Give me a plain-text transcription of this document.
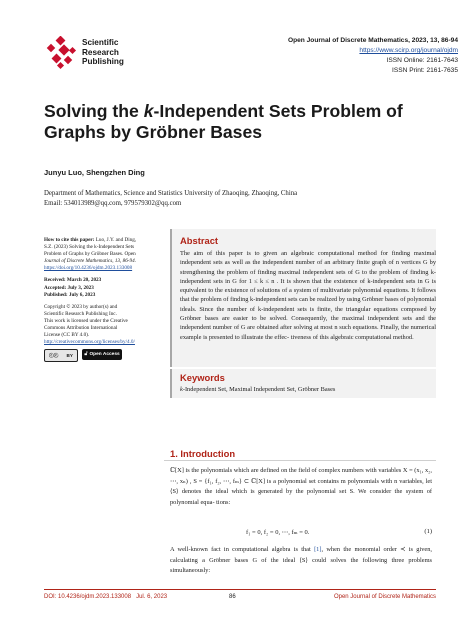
Scientific
Research
Publishing
Open Journal of Discrete Mathematics, 2023, 13, 86-94
https://www.scirp.org/journal/ojdm
ISSN Online: 2161-7643
ISSN Print: 2161-7635
Solving the k-Independent Sets Problem of
Graphs by Gröbner Bases
Junyu Luo, Shengzhen Ding
Department of Mathematics, Science and Statistics University of Zhaoqing, Zhaoqing, China
Email: 534013989@qq.com, 979579302@qq.com
How to cite this paper: Luo, J.Y. and Ding,
S.Z. (2023) Solving the k-Independent Sets
Problem of Graphs by Gröbner Bases. Open
Journal of Discrete Mathematics, 13, 86-94.
https://doi.org/10.4236/ojdm.2023.133008
Received: March 20, 2023
Accepted: July 3, 2023
Published: July 6, 2023
Copyright © 2023 by author(s) and
Scientific Research Publishing Inc.
This work is licensed under the Creative
Commons Attribution International
License (CC BY 4.0).
http://creativecommons.org/licenses/by/4.0/
ⓒⓒ BY 🔓︎ Open Access
Abstract
The aim of this paper is to given an algebraic computational method for finding maximal independent sets as well as the independent number of an arbitrary finite graph of n vertices G by strengthening the problem of finding maximal independent sets of G to the problem of finding k-independent sets in G for 1 ≤ k ≤ n . It is shown that the existence of k-independent sets in G is equivalent to the existence of solutions of a system of multivariate polynomial equations. It follows that the problem of finding k-independent sets can be realized by using Gröbner bases of polynomial ideals. Since the number of k-independent sets is finite, the triangular equations composed by Gröbner bases are easier to be solved. Consequently, the maximal independent sets and the independent number of G are obtained after solving at most n such equations. Finally, the numerical example is presented to illustrate the effec- tiveness of this algebraic computational method.
Keywords
k-Independent Set, Maximal Independent Set, Gröbner Bases
1. Introduction
ℂ[X] is the polynomials which are defined on the field of complex numbers with variables X = (x₁, x₂, ⋯, xₙ) , S = {f₁, f₂, ⋯, fₘ} ⊂ ℂ[X] is a polynomial set contains m polynomials with n variables, let ⟨S⟩ denotes the ideal which is generated by the polynomial set S. We consider the system of polynomial equa- tions:
f₁ = 0, f₂ = 0, ⋯, fₘ = 0.	(1)
A well-known fact in computational algebra is that [1], when the monomial order ≺ is given, calculating a Gröbner bases G of the ideal ⟨S⟩ could solves the following three problems simultaneously:
DOI: 10.4236/ojdm.2023.133008 Jul. 6, 2023	86	Open Journal of Discrete Mathematics
